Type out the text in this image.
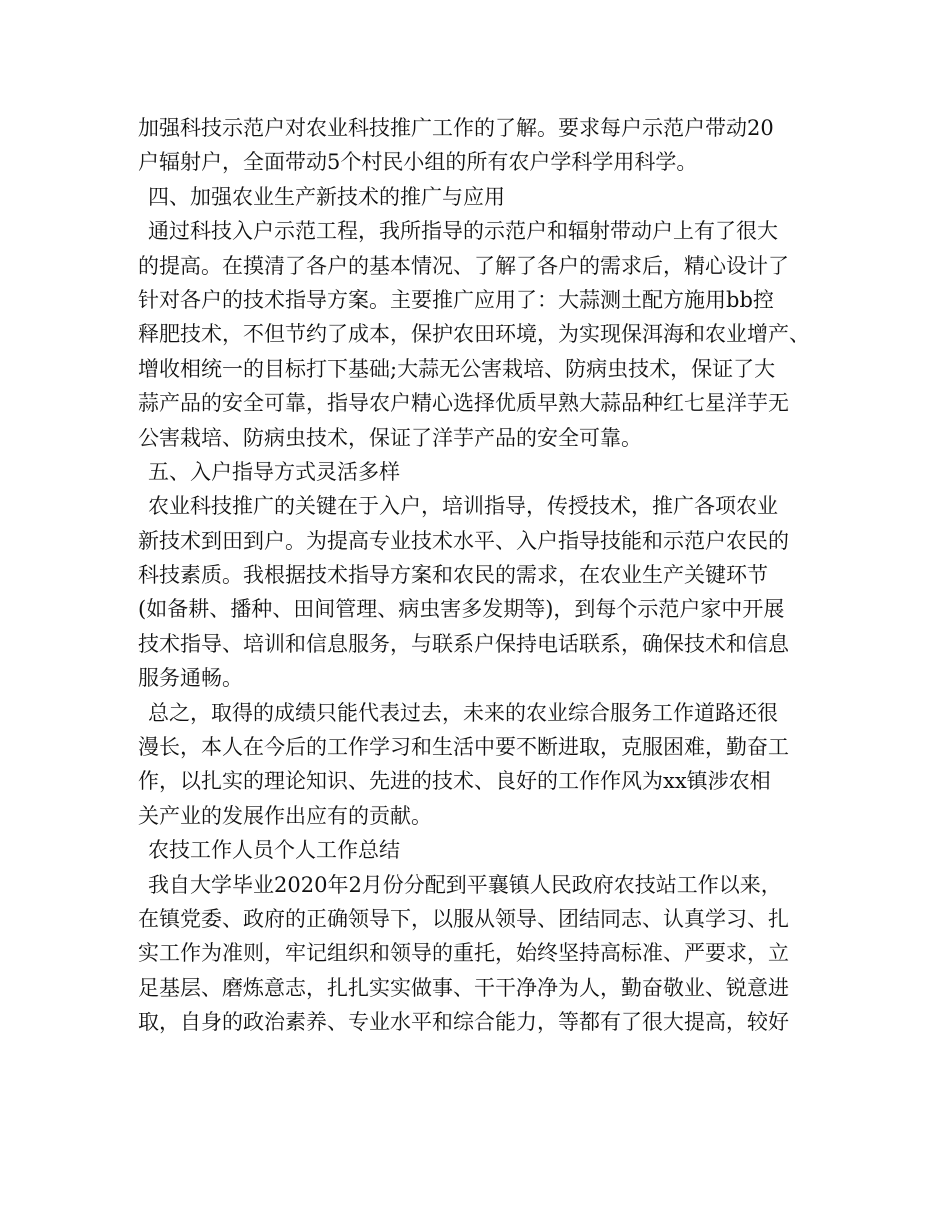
加强科技示范户对农业科技推广工作的了解。要求每户示范户带动20
户辐射户，全面带动5个村民小组的所有农户学科学用科学。
四、加强农业生产新技术的推广与应用
通过科技入户示范工程，我所指导的示范户和辐射带动户上有了很大
的提高。在摸清了各户的基本情况、了解了各户的需求后，精心设计了
针对各户的技术指导方案。主要推广应用了：大蒜测土配方施用bb控
释肥技术，不但节约了成本，保护农田环境，为实现保洱海和农业增产、
增收相统一的目标打下基础;大蒜无公害栽培、防病虫技术，保证了大
蒜产品的安全可靠，指导农户精心选择优质早熟大蒜品种红七星洋芋无
公害栽培、防病虫技术，保证了洋芋产品的安全可靠。
五、入户指导方式灵活多样
农业科技推广的关键在于入户，培训指导，传授技术，推广各项农业
新技术到田到户。为提高专业技术水平、入户指导技能和示范户农民的
科技素质。我根据技术指导方案和农民的需求，在农业生产关键环节
(如备耕、播种、田间管理、病虫害多发期等)，到每个示范户家中开展
技术指导、培训和信息服务，与联系户保持电话联系，确保技术和信息
服务通畅。
总之，取得的成绩只能代表过去，未来的农业综合服务工作道路还很
漫长，本人在今后的工作学习和生活中要不断进取，克服困难，勤奋工
作，以扎实的理论知识、先进的技术、良好的工作作风为xx镇涉农相
关产业的发展作出应有的贡献。
农技工作人员个人工作总结
我自大学毕业2020年2月份分配到平襄镇人民政府农技站工作以来，
在镇党委、政府的正确领导下，以服从领导、团结同志、认真学习、扎
实工作为准则，牢记组织和领导的重托，始终坚持高标准、严要求，立
足基层、磨炼意志，扎扎实实做事、干干净净为人，勤奋敬业、锐意进
取，自身的政治素养、专业水平和综合能力，等都有了很大提高，较好
